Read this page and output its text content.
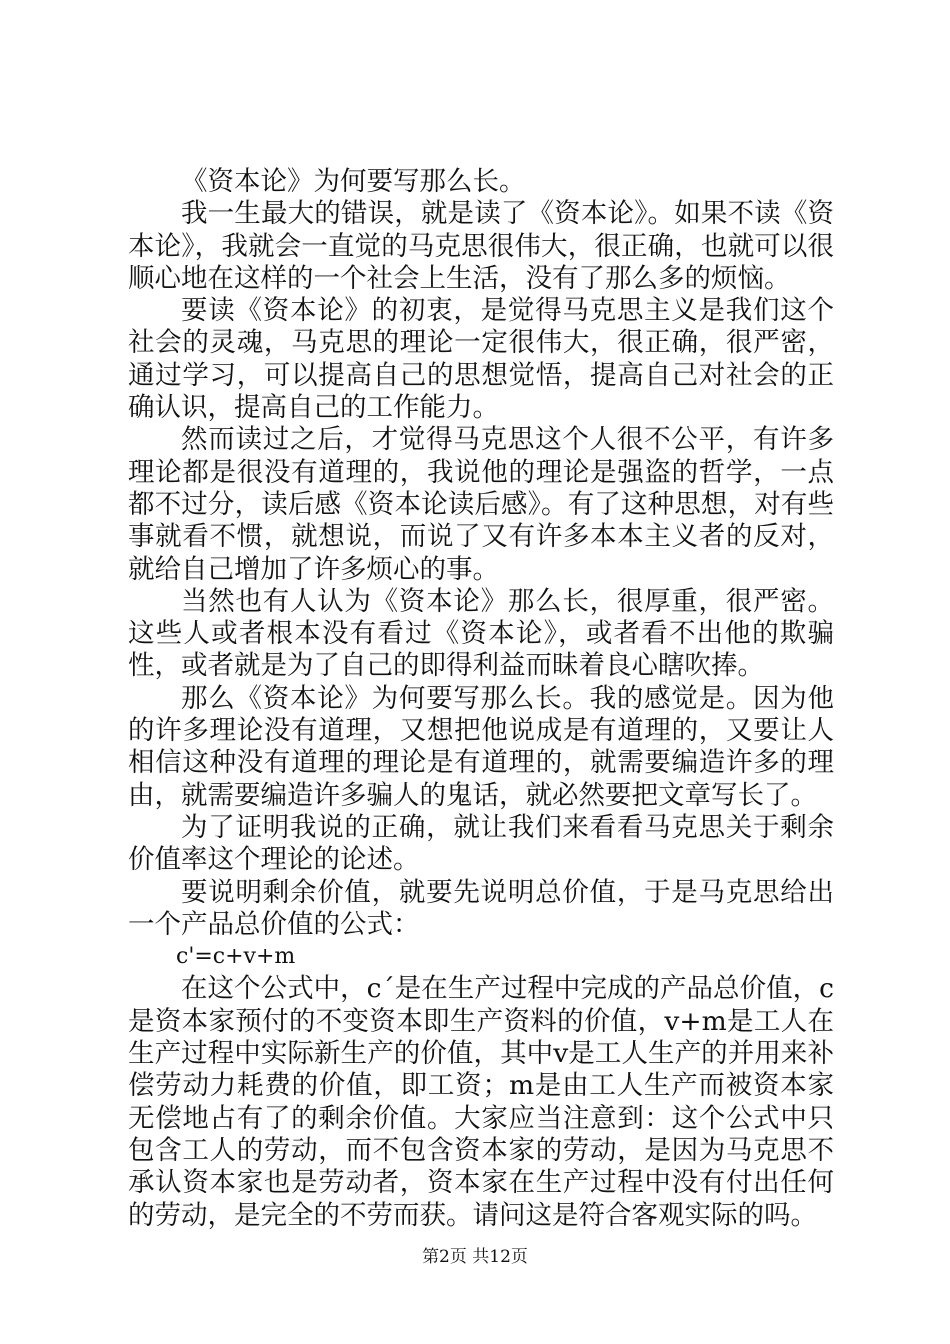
《资本论》为何要写那么长。

我一生最大的错误，就是读了《资本论》。如果不读《资本论》，我就会一直觉的马克思很伟大，很正确，也就可以很顺心地在这样的一个社会上生活，没有了那么多的烦恼。

要读《资本论》的初衷，是觉得马克思主义是我们这个社会的灵魂，马克思的理论一定很伟大，很正确，很严密，通过学习，可以提高自己的思想觉悟，提高自己对社会的正确认识，提高自己的工作能力。

然而读过之后，才觉得马克思这个人很不公平，有许多理论都是很没有道理的，我说他的理论是强盗的哲学，一点都不过分，读后感《资本论读后感》。有了这种思想，对有些事就看不惯，就想说，而说了又有许多本本主义者的反对，就给自己增加了许多烦心的事。

当然也有人认为《资本论》那么长，很厚重，很严密。这些人或者根本没有看过《资本论》，或者看不出他的欺骗性，或者就是为了自己的即得利益而昧着良心瞎吹捧。

那么《资本论》为何要写那么长。我的感觉是。因为他的许多理论没有道理，又想把他说成是有道理的，又要让人相信这种没有道理的理论是有道理的，就需要编造许多的理由，就需要编造许多骗人的鬼话，就必然要把文章写长了。

为了证明我说的正确，就让我们来看看马克思关于剩余价值率这个理论的论述。

要说明剩余价值，就要先说明总价值，于是马克思给出一个产品总价值的公式：

c'=c+v+m

在这个公式中，c´是在生产过程中完成的产品总价值，c是资本家预付的不变资本即生产资料的价值，v+m是工人在生产过程中实际新生产的价值，其中v是工人生产的并用来补偿劳动力耗费的价值，即工资；m是由工人生产而被资本家无偿地占有了的剩余价值。大家应当注意到：这个公式中只包含工人的劳动，而不包含资本家的劳动，是因为马克思不承认资本家也是劳动者，资本家在生产过程中没有付出任何的劳动，是完全的不劳而获。请问这是符合客观实际的吗。

第2页 共12页
